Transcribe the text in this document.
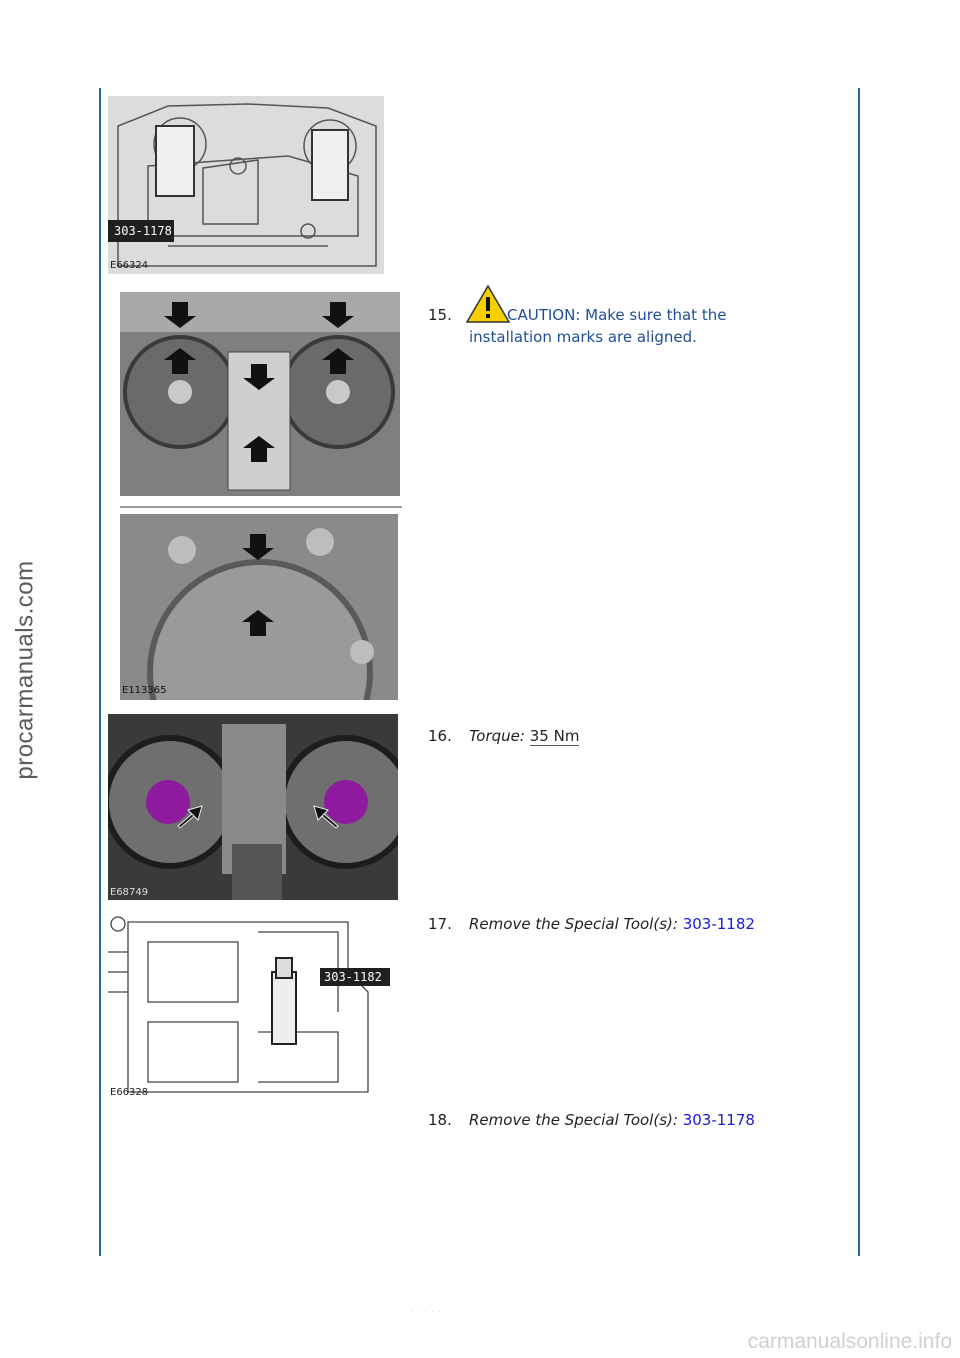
procarmanuals.com
303-1178
E66324
E113365
E68749
303-1182
E66328
15.	CAUTION: Make sure that the installation marks are aligned.
16. Torque: 35 Nm
17. Remove the Special Tool(s): 303-1182
18. Remove the Special Tool(s): 303-1178
· · · · ·
carmanualsonline.info
